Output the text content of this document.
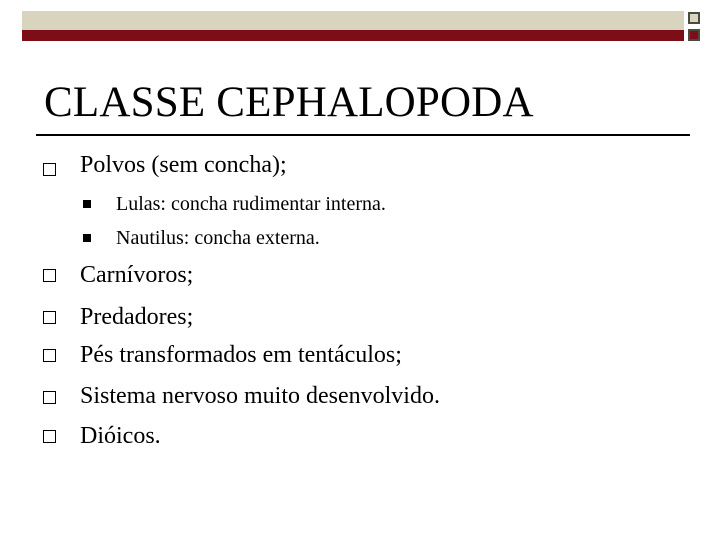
CLASSE CEPHALOPODA
Polvos (sem concha);
Lulas: concha rudimentar interna.
Nautilus: concha externa.
Carnívoros;
Predadores;
Pés transformados em tentáculos;
Sistema nervoso muito desenvolvido.
Dióicos.
